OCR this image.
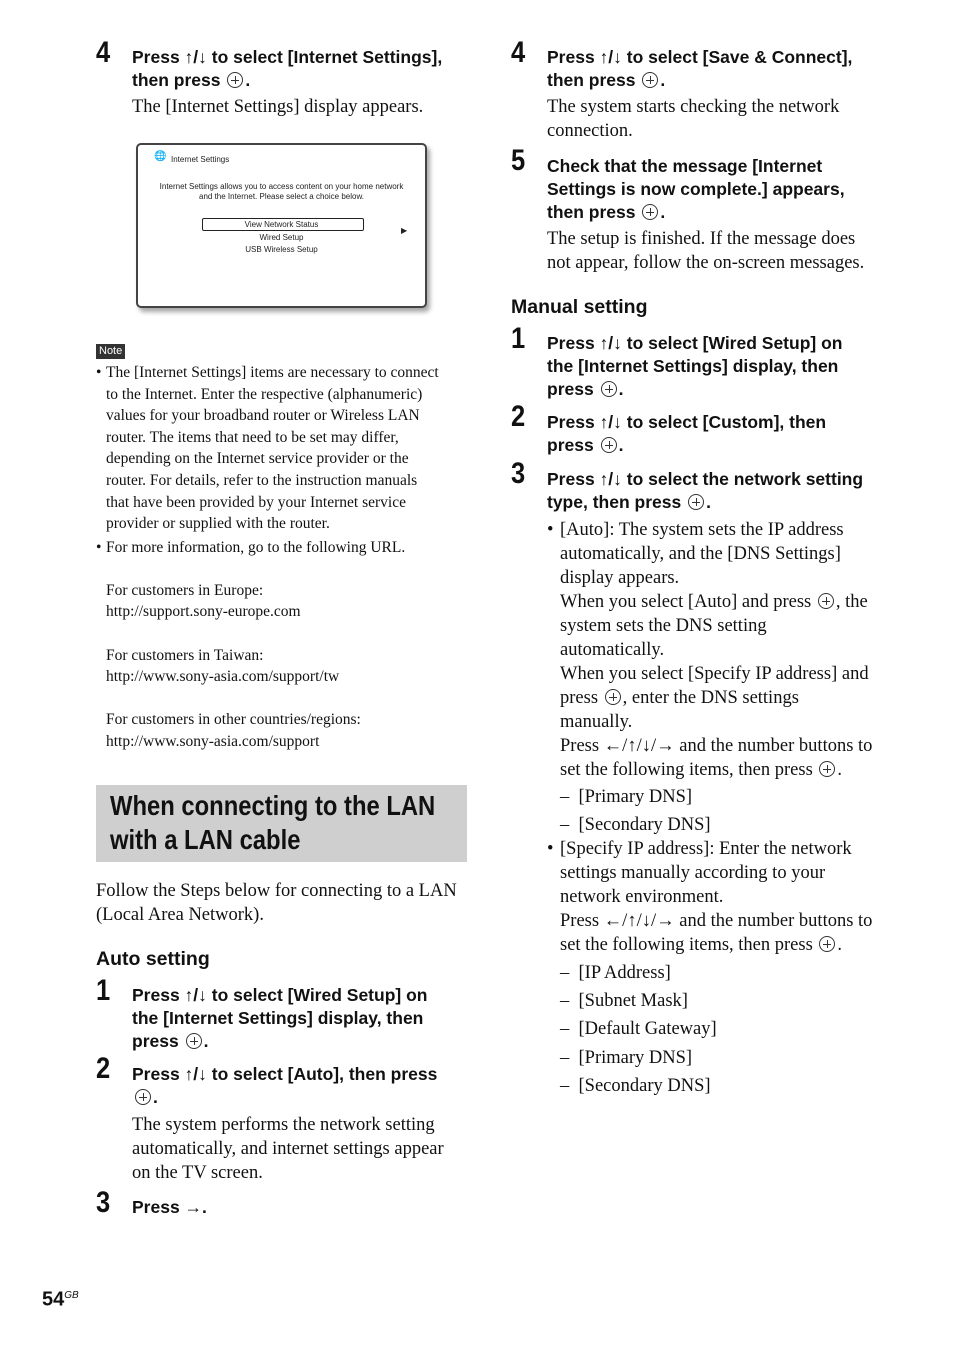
4 Press ↑/↓ to select [Internet Settings],
then press .
The [Internet Settings] display appears.
🌐 Internet Settings
Internet Settings allows you to access content on your home network
and the Internet. Please select a choice below.
View Network Status
Wired Setup
USB Wireless Setup
▶
Note
• The [Internet Settings] items are necessary to connect
to the Internet. Enter the respective (alphanumeric)
values for your broadband router or Wireless LAN
router. The items that need to be set may differ,
depending on the Internet service provider or the
router. For details, refer to the instruction manuals
that have been provided by your Internet service
provider or supplied with the router.
• For more information, go to the following URL.
For customers in Europe:
http://support.sony-europe.com
For customers in Taiwan:
http://www.sony-asia.com/support/tw
For customers in other countries/regions:
http://www.sony-asia.com/support
When connecting to the LAN
with a LAN cable
Follow the Steps below for connecting to a LAN
(Local Area Network).
Auto setting
1 Press ↑/↓ to select [Wired Setup] on
the [Internet Settings] display, then
press .
2 Press ↑/↓ to select [Auto], then press
.
The system performs the network setting
automatically, and internet settings appear
on the TV screen.
3 Press →.
4 Press ↑/↓ to select [Save & Connect],
then press .
The system starts checking the network
connection.
5 Check that the message [Internet
Settings is now complete.] appears,
then press .
The setup is finished. If the message does
not appear, follow the on-screen messages.
Manual setting
1 Press ↑/↓ to select [Wired Setup] on
the [Internet Settings] display, then
press .
2 Press ↑/↓ to select [Custom], then
press .
3 Press ↑/↓ to select the network setting
type, then press .
• [Auto]: The system sets the IP address
automatically, and the [DNS Settings]
display appears.
When you select [Auto] and press , the
system sets the DNS setting
automatically.
When you select [Specify IP address] and
press , enter the DNS settings
manually.
Press ←/↑/↓/→ and the number buttons to
set the following items, then press .
–  [Primary DNS]
–  [Secondary DNS]
• [Specify IP address]: Enter the network
settings manually according to your
network environment.
Press ←/↑/↓/→ and the number buttons to
set the following items, then press .
–  [IP Address]
–  [Subnet Mask]
–  [Default Gateway]
–  [Primary DNS]
–  [Secondary DNS]
$54^{GB}$
